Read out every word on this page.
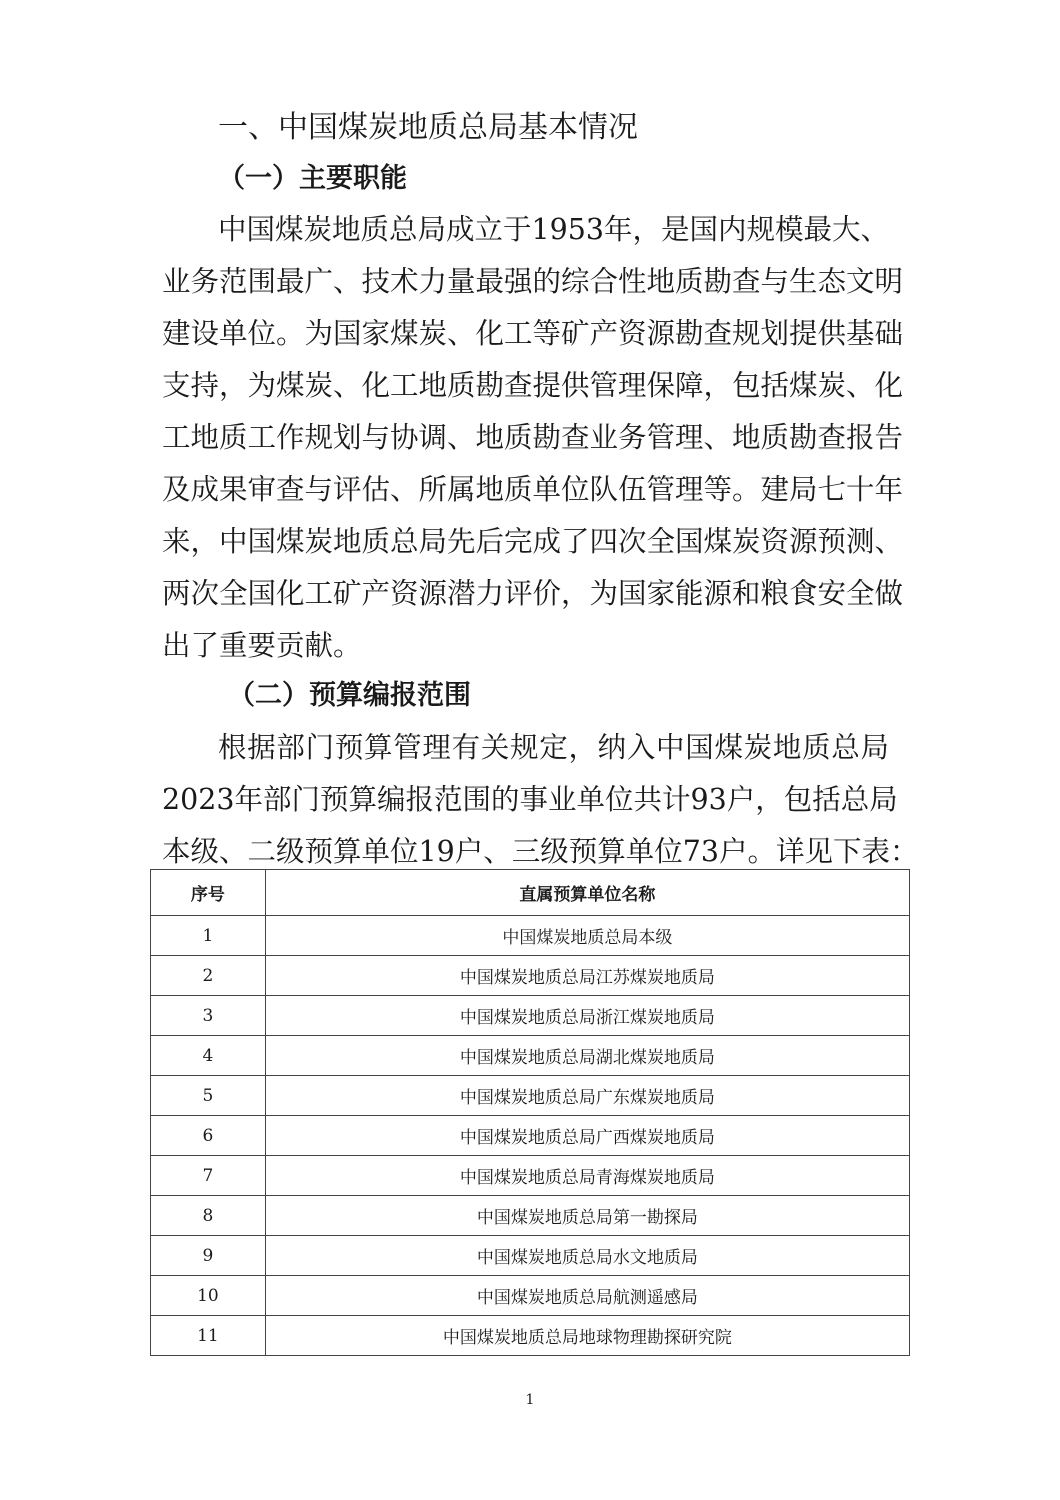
一、中国煤炭地质总局基本情况
（一）主要职能
中国煤炭地质总局成立于1953年，是国内规模最大、
业务范围最广、技术力量最强的综合性地质勘查与生态文明
建设单位。为国家煤炭、化工等矿产资源勘查规划提供基础
支持，为煤炭、化工地质勘查提供管理保障，包括煤炭、化
工地质工作规划与协调、地质勘查业务管理、地质勘查报告
及成果审查与评估、所属地质单位队伍管理等。建局七十年
来，中国煤炭地质总局先后完成了四次全国煤炭资源预测、
两次全国化工矿产资源潜力评价，为国家能源和粮食安全做
出了重要贡献。
（二）预算编报范围
根据部门预算管理有关规定，纳入中国煤炭地质总局
2023年部门预算编报范围的事业单位共计93户，包括总局
本级、二级预算单位19户、三级预算单位73户。详见下表：
序号	直属预算单位名称
1	中国煤炭地质总局本级
2	中国煤炭地质总局江苏煤炭地质局
3	中国煤炭地质总局浙江煤炭地质局
4	中国煤炭地质总局湖北煤炭地质局
5	中国煤炭地质总局广东煤炭地质局
6	中国煤炭地质总局广西煤炭地质局
7	中国煤炭地质总局青海煤炭地质局
8	中国煤炭地质总局第一勘探局
9	中国煤炭地质总局水文地质局
10	中国煤炭地质总局航测遥感局
11	中国煤炭地质总局地球物理勘探研究院
1
